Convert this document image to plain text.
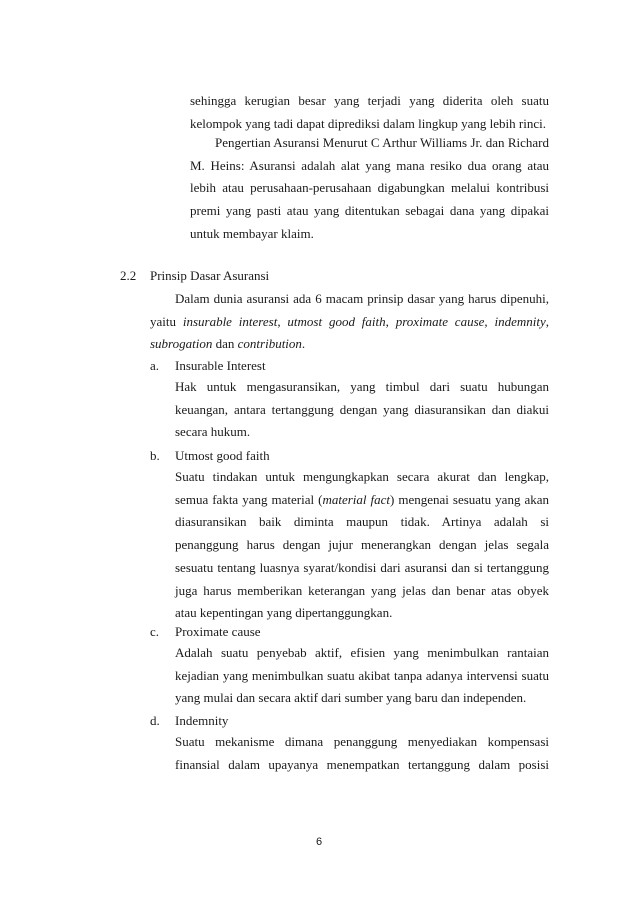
sehingga kerugian besar yang terjadi yang diderita oleh suatu kelompok yang tadi dapat diprediksi dalam lingkup yang lebih rinci.

Pengertian Asuransi Menurut C Arthur Williams Jr. dan Richard M. Heins: Asuransi adalah alat yang mana resiko dua orang atau lebih atau perusahaan-perusahaan digabungkan melalui kontribusi premi yang pasti atau yang ditentukan sebagai dana yang dipakai untuk membayar klaim.

2.2 Prinsip Dasar Asuransi

Dalam dunia asuransi ada 6 macam prinsip dasar yang harus dipenuhi, yaitu insurable interest, utmost good faith, proximate cause, indemnity, subrogation dan contribution.

a. Insurable Interest

Hak untuk mengasuransikan, yang timbul dari suatu hubungan keuangan, antara tertanggung dengan yang diasuransikan dan diakui secara hukum.

b. Utmost good faith

Suatu tindakan untuk mengungkapkan secara akurat dan lengkap, semua fakta yang material (material fact) mengenai sesuatu yang akan diasuransikan baik diminta maupun tidak. Artinya adalah si penanggung harus dengan jujur menerangkan dengan jelas segala sesuatu tentang luasnya syarat/kondisi dari asuransi dan si tertanggung juga harus memberikan keterangan yang jelas dan benar atas obyek atau kepentingan yang dipertanggungkan.

c. Proximate cause

Adalah suatu penyebab aktif, efisien yang menimbulkan rantaian kejadian yang menimbulkan suatu akibat tanpa adanya intervensi suatu yang mulai dan secara aktif dari sumber yang baru dan independen.

d. Indemnity

Suatu mekanisme dimana penanggung menyediakan kompensasi finansial dalam upayanya menempatkan tertanggung dalam posisi

6
